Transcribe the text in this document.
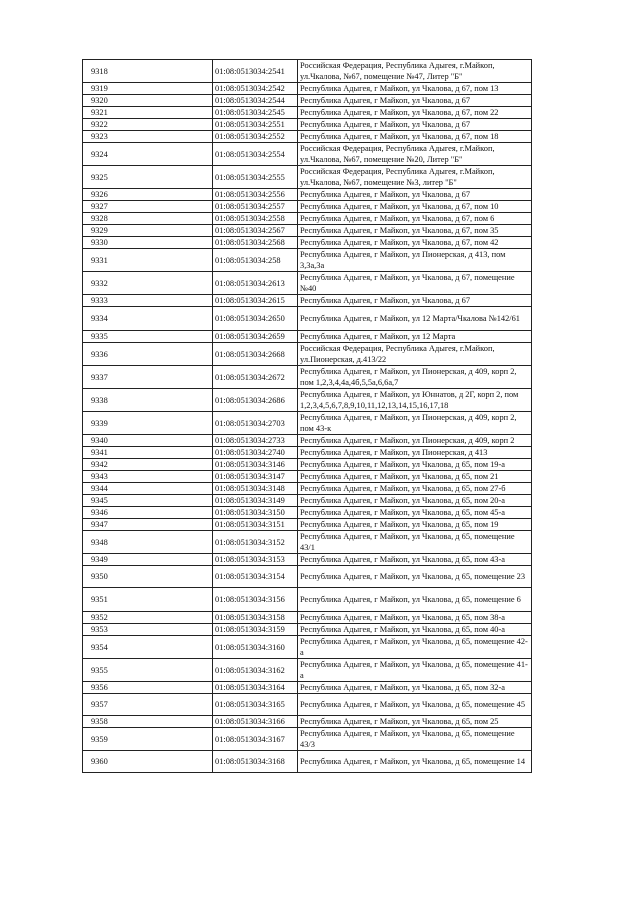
9318	01:08:0513034:2541	Российская Федерация, Республика Адыгея, г.Майкоп, ул.Чкалова, №67, помещение №47, Литер "Б"
9319	01:08:0513034:2542	Республика Адыгея, г Майкоп, ул Чкалова, д 67, пом 13
9320	01:08:0513034:2544	Республика Адыгея, г Майкоп, ул Чкалова, д 67
9321	01:08:0513034:2545	Республика Адыгея, г Майкоп, ул Чкалова, д 67, пом 22
9322	01:08:0513034:2551	Республика Адыгея, г Майкоп, ул Чкалова, д 67
9323	01:08:0513034:2552	Республика Адыгея, г Майкоп, ул Чкалова, д 67, пом 18
9324	01:08:0513034:2554	Российская Федерация, Республика Адыгея, г.Майкоп, ул.Чкалова, №67, помещение №20, Литер "Б"
9325	01:08:0513034:2555	Российская Федерация, Республика Адыгея, г.Майкоп, ул.Чкалова, №67, помещение №3, литер "Б"
9326	01:08:0513034:2556	Республика Адыгея, г Майкоп, ул Чкалова, д 67
9327	01:08:0513034:2557	Республика Адыгея, г Майкоп, ул Чкалова, д 67, пом 10
9328	01:08:0513034:2558	Республика Адыгея, г Майкоп, ул Чкалова, д 67, пом 6
9329	01:08:0513034:2567	Республика Адыгея, г Майкоп, ул Чкалова, д 67, пом 35
9330	01:08:0513034:2568	Республика Адыгея, г Майкоп, ул Чкалова, д 67, пом 42
9331	01:08:0513034:258	Республика Адыгея, г Майкоп, ул Пионерская, д 413, пом 3,3а,3а
9332	01:08:0513034:2613	Республика Адыгея, г Майкоп, ул Чкалова, д 67, помещение №40
9333	01:08:0513034:2615	Республика Адыгея, г Майкоп, ул Чкалова, д 67
9334	01:08:0513034:2650	Республика Адыгея, г Майкоп, ул 12 Марта/Чкалова №142/61
9335	01:08:0513034:2659	Республика Адыгея, г Майкоп, ул 12 Марта
9336	01:08:0513034:2668	Российская Федерация, Республика Адыгея, г.Майкоп, ул.Пионерская, д.413/22
9337	01:08:0513034:2672	Республика Адыгея, г Майкоп, ул Пионерская, д 409, корп 2, пом 1,2,3,4,4а,4б,5,5а,6,6а,7
9338	01:08:0513034:2686	Республика Адыгея, г Майкоп, ул Юннатов, д 2Г, корп 2, пом 1,2,3,4,5,6,7,8,9,10,11,12,13,14,15,16,17,18
9339	01:08:0513034:2703	Республика Адыгея, г Майкоп, ул Пионерская, д 409, корп 2, пом 43-к
9340	01:08:0513034:2733	Республика Адыгея, г Майкоп, ул Пионерская, д 409, корп 2
9341	01:08:0513034:2740	Республика Адыгея, г Майкоп, ул Пионерская, д 413
9342	01:08:0513034:3146	Республика Адыгея, г Майкоп, ул Чкалова, д 65, пом 19-а
9343	01:08:0513034:3147	Республика Адыгея, г Майкоп, ул Чкалова, д 65, пом 21
9344	01:08:0513034:3148	Республика Адыгея, г Майкоп, ул Чкалова, д 65, пом 27-б
9345	01:08:0513034:3149	Республика Адыгея, г Майкоп, ул Чкалова, д 65, пом 20-а
9346	01:08:0513034:3150	Республика Адыгея, г Майкоп, ул Чкалова, д 65, пом 45-а
9347	01:08:0513034:3151	Республика Адыгея, г Майкоп, ул Чкалова, д 65, пом 19
9348	01:08:0513034:3152	Республика Адыгея, г Майкоп, ул Чкалова, д 65, помещение 43/1
9349	01:08:0513034:3153	Республика Адыгея, г Майкоп, ул Чкалова, д 65, пом 43-а
9350	01:08:0513034:3154	Республика Адыгея, г Майкоп, ул Чкалова, д 65, помещение 23
9351	01:08:0513034:3156	Республика Адыгея, г Майкоп, ул Чкалова, д 65, помещение 6
9352	01:08:0513034:3158	Республика Адыгея, г Майкоп, ул Чкалова, д 65, пом 38-а
9353	01:08:0513034:3159	Республика Адыгея, г Майкоп, ул Чкалова, д 65, пом 40-а
9354	01:08:0513034:3160	Республика Адыгея, г Майкоп, ул Чкалова, д 65, помещение 42-а
9355	01:08:0513034:3162	Республика Адыгея, г Майкоп, ул Чкалова, д 65, помещение 41-а
9356	01:08:0513034:3164	Республика Адыгея, г Майкоп, ул Чкалова, д 65, пом 32-а
9357	01:08:0513034:3165	Республика Адыгея, г Майкоп, ул Чкалова, д 65, помещение 45
9358	01:08:0513034:3166	Республика Адыгея, г Майкоп, ул Чкалова, д 65, пом 25
9359	01:08:0513034:3167	Республика Адыгея, г Майкоп, ул Чкалова, д 65, помещение 43/3
9360	01:08:0513034:3168	Республика Адыгея, г Майкоп, ул Чкалова, д 65, помещение 14
